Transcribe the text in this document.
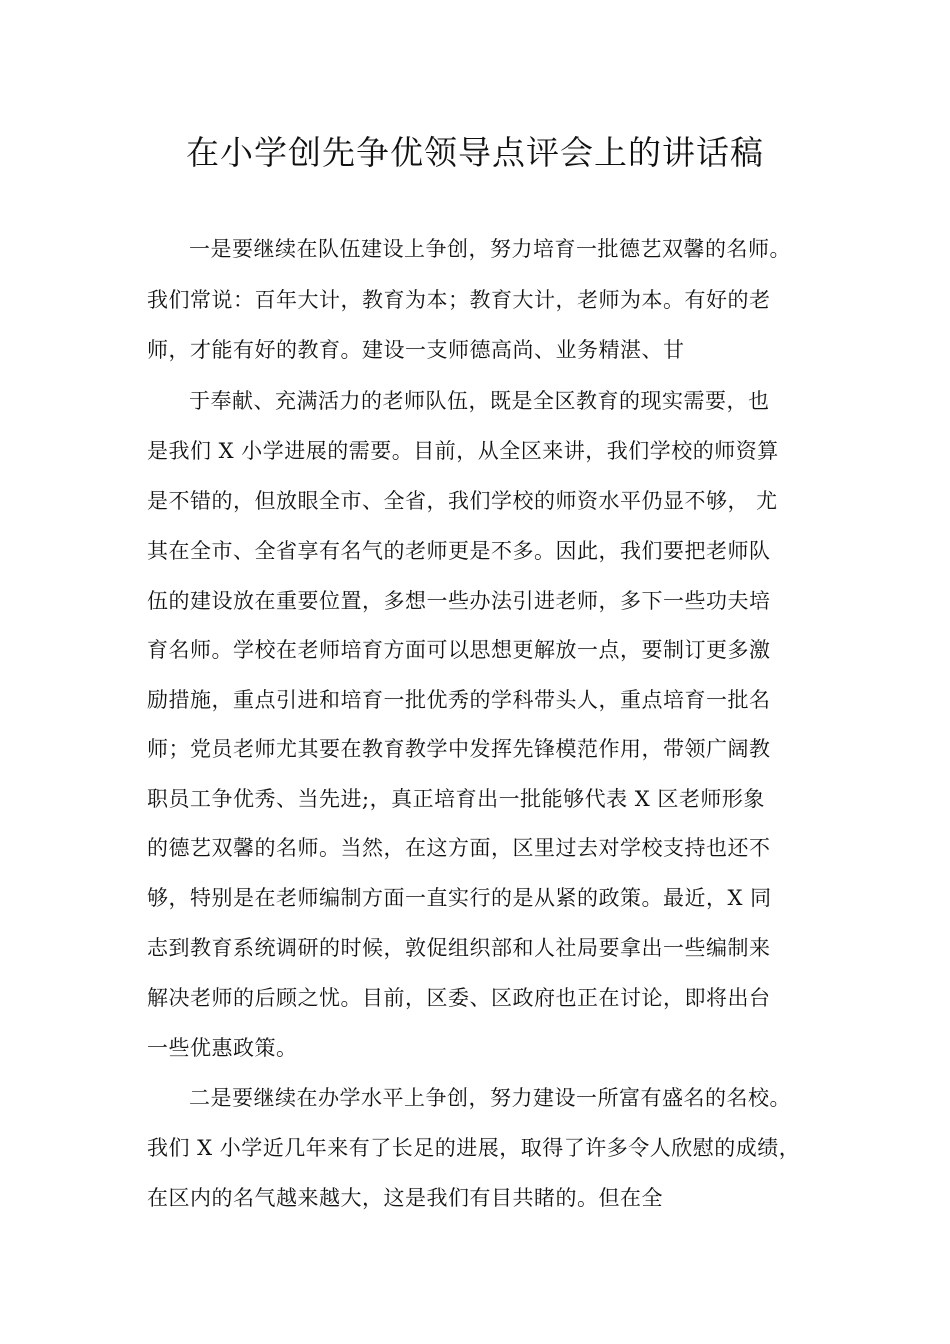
在小学创先争优领导点评会上的讲话稿
一是要继续在队伍建设上争创，努力培育一批德艺双馨的名师。
我们常说：百年大计，教育为本；教育大计，老师为本。有好的老
师，才能有好的教育。建设一支师德高尚、业务精湛、甘
于奉献、充满活力的老师队伍，既是全区教育的现实需要，也
是我们 X 小学进展的需要。目前，从全区来讲，我们学校的师资算
是不错的，但放眼全市、全省，我们学校的师资水平仍显不够， 尤
其在全市、全省享有名气的老师更是不多。因此，我们要把老师队
伍的建设放在重要位置，多想一些办法引进老师，多下一些功夫培
育名师。学校在老师培育方面可以思想更解放一点，要制订更多激
励措施，重点引进和培育一批优秀的学科带头人，重点培育一批名
师；党员老师尤其要在教育教学中发挥先锋模范作用，带领广阔教
职员工争优秀、当先进;，真正培育出一批能够代表 X 区老师形象
的德艺双馨的名师。当然，在这方面，区里过去对学校支持也还不
够，特别是在老师编制方面一直实行的是从紧的政策。最近，X 同
志到教育系统调研的时候，敦促组织部和人社局要拿出一些编制来
解决老师的后顾之忧。目前，区委、区政府也正在讨论，即将出台
一些优惠政策。
二是要继续在办学水平上争创，努力建设一所富有盛名的名校。
我们 X 小学近几年来有了长足的进展，取得了许多令人欣慰的成绩，
在区内的名气越来越大，这是我们有目共睹的。但在全
